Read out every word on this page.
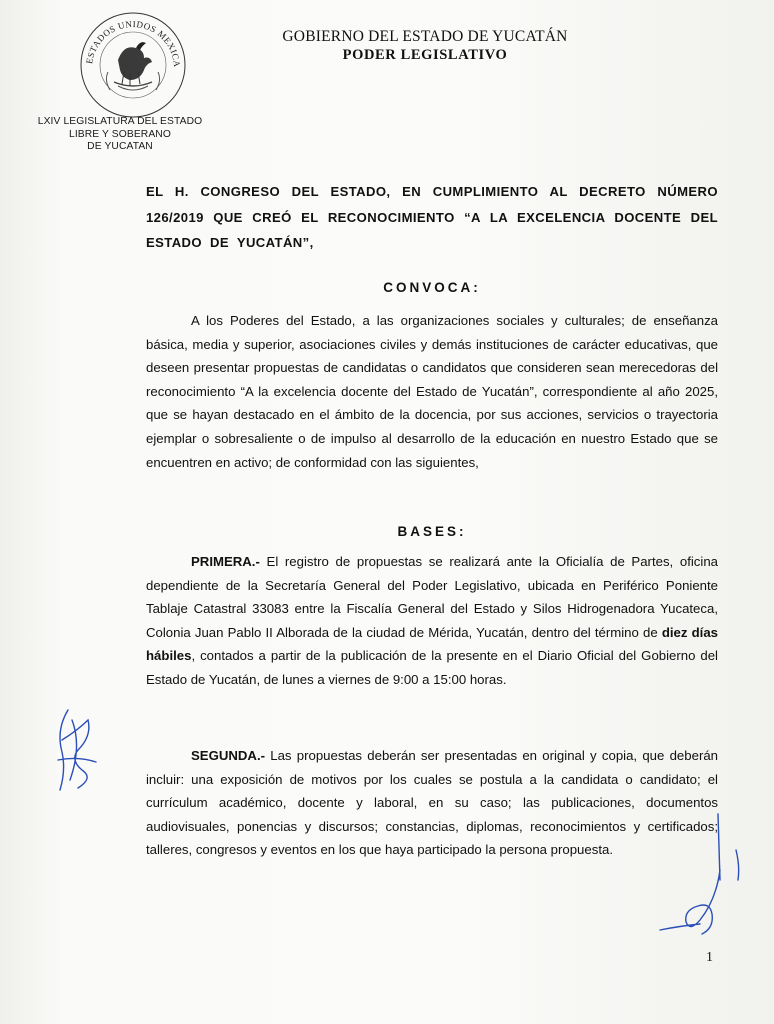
ESTADOS UNIDOS MEXICA
LXIV LEGISLATURA DEL ESTADO
LIBRE Y SOBERANO
DE YUCATAN
GOBIERNO DEL ESTADO DE YUCATÁN
PODER LEGISLATIVO
EL H. CONGRESO DEL ESTADO, EN CUMPLIMIENTO AL DECRETO NÚMERO 126/2019 QUE CREÓ EL RECONOCIMIENTO “A LA EXCELENCIA DOCENTE DEL ESTADO DE YUCATÁN”,
CONVOCA:
A los Poderes del Estado, a las organizaciones sociales y culturales; de enseñanza básica, media y superior, asociaciones civiles y demás instituciones de carácter educativas, que deseen presentar propuestas de candidatas o candidatos que consideren sean merecedoras del reconocimiento “A la excelencia docente del Estado de Yucatán”, correspondiente al año 2025, que se hayan destacado en el ámbito de la docencia, por sus acciones, servicios o trayectoria ejemplar o sobresaliente o de impulso al desarrollo de la educación en nuestro Estado que se encuentren en activo; de conformidad con las siguientes,
BASES:
PRIMERA.- El registro de propuestas se realizará ante la Oficialía de Partes, oficina dependiente de la Secretaría General del Poder Legislativo, ubicada en Periférico Poniente Tablaje Catastral 33083 entre la Fiscalía General del Estado y Silos Hidrogenadora Yucateca, Colonia Juan Pablo II Alborada de la ciudad de Mérida, Yucatán, dentro del término de diez días hábiles, contados a partir de la publicación de la presente en el Diario Oficial del Gobierno del Estado de Yucatán, de lunes a viernes de 9:00 a 15:00 horas.
SEGUNDA.- Las propuestas deberán ser presentadas en original y copia, que deberán incluir: una exposición de motivos por los cuales se postula a la candidata o candidato; el currículum académico, docente y laboral, en su caso; las publicaciones, documentos audiovisuales, ponencias y discursos; constancias, diplomas, reconocimientos y certificados; talleres, congresos y eventos en los que haya participado la persona propuesta.
1
